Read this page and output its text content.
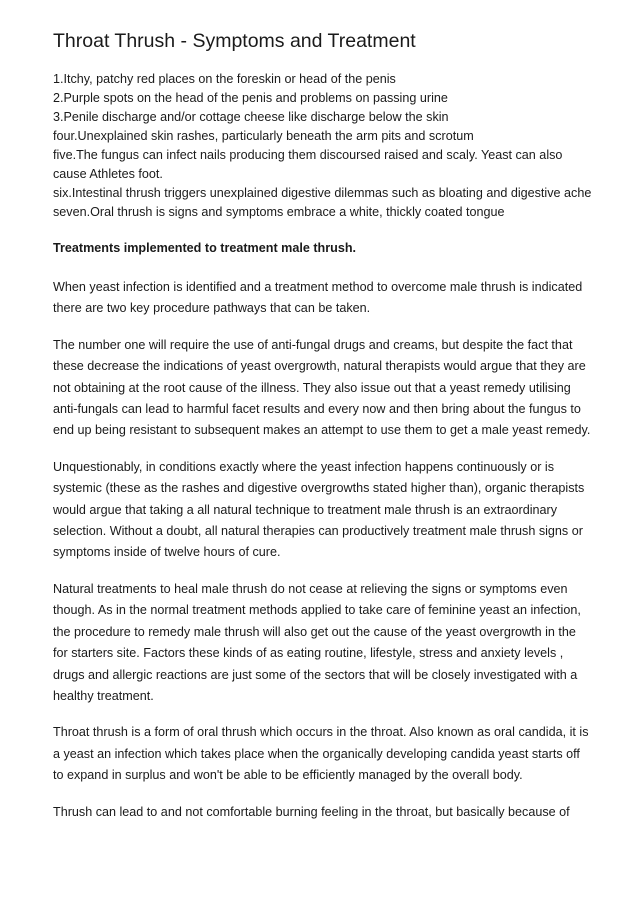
Throat Thrush - Symptoms and Treatment
1.Itchy, patchy red places on the foreskin or head of the penis
2.Purple spots on the head of the penis and problems on passing urine
3.Penile discharge and/or cottage cheese like discharge below the skin
four.Unexplained skin rashes, particularly beneath the arm pits and scrotum
five.The fungus can infect nails producing them discoursed raised and scaly. Yeast can also cause Athletes foot.
six.Intestinal thrush triggers unexplained digestive dilemmas such as bloating and digestive ache
seven.Oral thrush is signs and symptoms embrace a white, thickly coated tongue
Treatments implemented to treatment male thrush.

When yeast infection is identified and a treatment method to overcome male thrush is indicated there are two key procedure pathways that can be taken.

The number one will require the use of anti-fungal drugs and creams, but despite the fact that these decrease the indications of yeast overgrowth, natural therapists would argue that they are not obtaining at the root cause of the illness. They also issue out that a yeast remedy utilising anti-fungals can lead to harmful facet results and every now and then bring about the fungus to end up being resistant to subsequent makes an attempt to use them to get a male yeast remedy.

Unquestionably, in conditions exactly where the yeast infection happens continuously or is systemic (these as the rashes and digestive overgrowths stated higher than), organic therapists would argue that taking a all natural technique to treatment male thrush is an extraordinary selection. Without a doubt, all natural therapies can productively treatment male thrush signs or symptoms inside of twelve hours of cure.

Natural treatments to heal male thrush do not cease at relieving the signs or symptoms even though. As in the normal treatment methods applied to take care of feminine yeast an infection, the procedure to remedy male thrush will also get out the cause of the yeast overgrowth in the for starters site. Factors these kinds of as eating routine, lifestyle, stress and anxiety levels , drugs and allergic reactions are just some of the sectors that will be closely investigated with a healthy treatment.

Throat thrush is a form of oral thrush which occurs in the throat. Also known as oral candida, it is a yeast an infection which takes place when the organically developing candida yeast starts off to expand in surplus and won't be able to be efficiently managed by the overall body.

Thrush can lead to and not comfortable burning feeling in the throat, but basically because of
